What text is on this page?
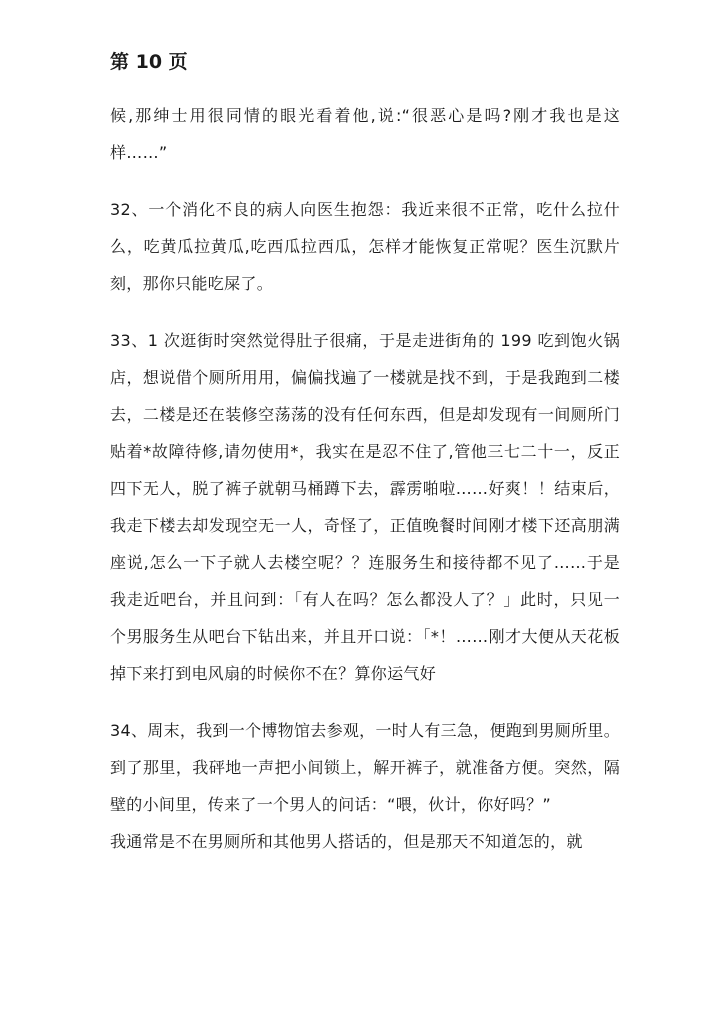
第 10 页

候,那绅士用很同情的眼光看着他,说:“很恶心是吗?刚才我也是这样……”

32、一个消化不良的病人向医生抱怨：我近来很不正常，吃什么拉什么，吃黄瓜拉黄瓜,吃西瓜拉西瓜，怎样才能恢复正常呢？医生沉默片刻，那你只能吃屎了。

33、1 次逛街时突然觉得肚子很痛，于是走进街角的 199 吃到饱火锅店，想说借个厕所用用，偏偏找遍了一楼就是找不到，于是我跑到二楼去，二楼是还在装修空荡荡的没有任何东西，但是却发现有一间厕所门贴着*故障待修,请勿使用*，我实在是忍不住了,管他三七二十一，反正四下无人，脱了裤子就朝马桶蹲下去，霹雳啪啦……好爽！！结束后，我走下楼去却发现空无一人，奇怪了，正值晚餐时间刚才楼下还高朋满座说,怎么一下子就人去楼空呢？？连服务生和接待都不见了……于是我走近吧台，并且问到：「有人在吗？怎么都没人了？」此时，只见一个男服务生从吧台下钻出来，并且开口说：「*！……刚才大便从天花板掉下来打到电风扇的时候你不在？算你运气好

34、周末，我到一个博物馆去参观，一时人有三急，便跑到男厕所里。到了那里，我砰地一声把小间锁上，解开裤子，就准备方便。突然，隔壁的小间里，传来了一个男人的问话：“喂，伙计，你好吗？”

我通常是不在男厕所和其他男人搭话的，但是那天不知道怎的，就
